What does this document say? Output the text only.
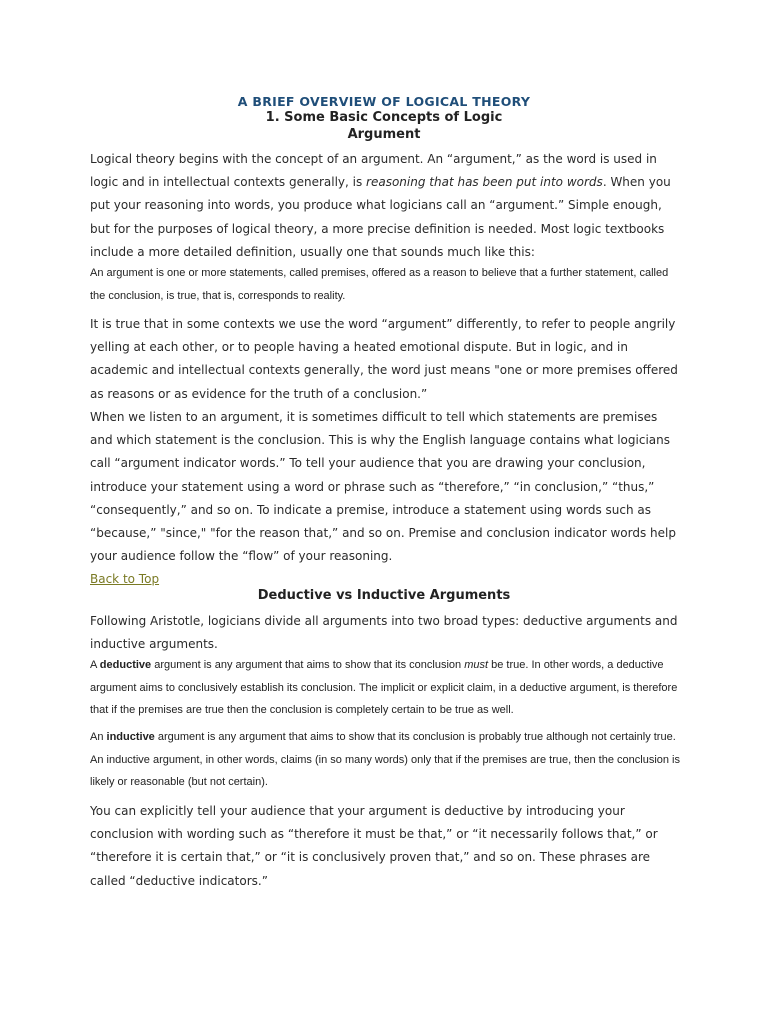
A BRIEF OVERVIEW OF LOGICAL THEORY
1. Some Basic Concepts of Logic
Argument

Logical theory begins with the concept of an argument. An “argument,” as the word is used in logic and in intellectual contexts generally, is reasoning that has been put into words. When you put your reasoning into words, you produce what logicians call an “argument.” Simple enough, but for the purposes of logical theory, a more precise definition is needed. Most logic textbooks include a more detailed definition, usually one that sounds much like this:

An argument is one or more statements, called premises, offered as a reason to believe that a further statement, called the conclusion, is true, that is, corresponds to reality.

It is true that in some contexts we use the word “argument” differently, to refer to people angrily yelling at each other, or to people having a heated emotional dispute. But in logic, and in academic and intellectual contexts generally, the word just means "one or more premises offered as reasons or as evidence for the truth of a conclusion.”

When we listen to an argument, it is sometimes difficult to tell which statements are premises and which statement is the conclusion. This is why the English language contains what logicians call “argument indicator words.” To tell your audience that you are drawing your conclusion, introduce your statement using a word or phrase such as “therefore,” “in conclusion,” “thus,” “consequently,” and so on. To indicate a premise, introduce a statement using words such as “because,” "since," "for the reason that,” and so on. Premise and conclusion indicator words help your audience follow the “flow” of your reasoning.

Back to Top
Deductive vs Inductive Arguments

Following Aristotle, logicians divide all arguments into two broad types: deductive arguments and inductive arguments.

A deductive argument is any argument that aims to show that its conclusion must be true. In other words, a deductive argument aims to conclusively establish its conclusion. The implicit or explicit claim, in a deductive argument, is therefore that if the premises are true then the conclusion is completely certain to be true as well.

An inductive argument is any argument that aims to show that its conclusion is probably true although not certainly true. An inductive argument, in other words, claims (in so many words) only that if the premises are true, then the conclusion is likely or reasonable (but not certain).

You can explicitly tell your audience that your argument is deductive by introducing your conclusion with wording such as “therefore it must be that,” or “it necessarily follows that,” or “therefore it is certain that,” or “it is conclusively proven that,” and so on. These phrases are called “deductive indicators.”
